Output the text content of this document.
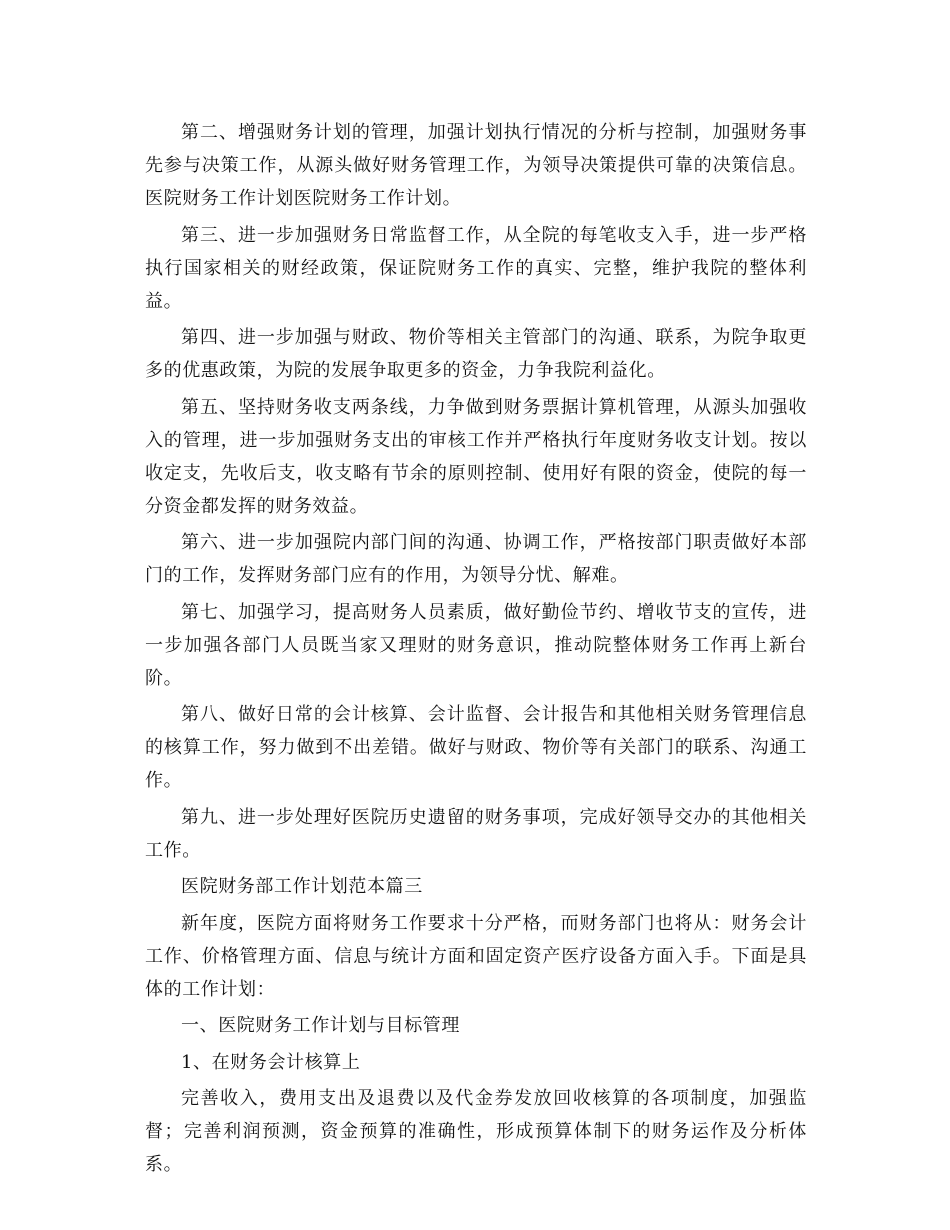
第二、增强财务计划的管理，加强计划执行情况的分析与控制，加强财务事先参与决策工作，从源头做好财务管理工作，为领导决策提供可靠的决策信息。医院财务工作计划医院财务工作计划。

第三、进一步加强财务日常监督工作，从全院的每笔收支入手，进一步严格执行国家相关的财经政策，保证院财务工作的真实、完整，维护我院的整体利益。

第四、进一步加强与财政、物价等相关主管部门的沟通、联系，为院争取更多的优惠政策，为院的发展争取更多的资金，力争我院利益化。

第五、坚持财务收支两条线，力争做到财务票据计算机管理，从源头加强收入的管理，进一步加强财务支出的审核工作并严格执行年度财务收支计划。按以收定支，先收后支，收支略有节余的原则控制、使用好有限的资金，使院的每一分资金都发挥的财务效益。

第六、进一步加强院内部门间的沟通、协调工作，严格按部门职责做好本部门的工作，发挥财务部门应有的作用，为领导分忧、解难。

第七、加强学习，提高财务人员素质，做好勤俭节约、增收节支的宣传，进一步加强各部门人员既当家又理财的财务意识，推动院整体财务工作再上新台阶。

第八、做好日常的会计核算、会计监督、会计报告和其他相关财务管理信息的核算工作，努力做到不出差错。做好与财政、物价等有关部门的联系、沟通工作。

第九、进一步处理好医院历史遗留的财务事项，完成好领导交办的其他相关工作。

医院财务部工作计划范本篇三

新年度，医院方面将财务工作要求十分严格，而财务部门也将从：财务会计工作、价格管理方面、信息与统计方面和固定资产医疗设备方面入手。下面是具体的工作计划：

一、医院财务工作计划与目标管理

1、在财务会计核算上

完善收入，费用支出及退费以及代金券发放回收核算的各项制度，加强监督；完善利润预测，资金预算的准确性，形成预算体制下的财务运作及分析体系。
